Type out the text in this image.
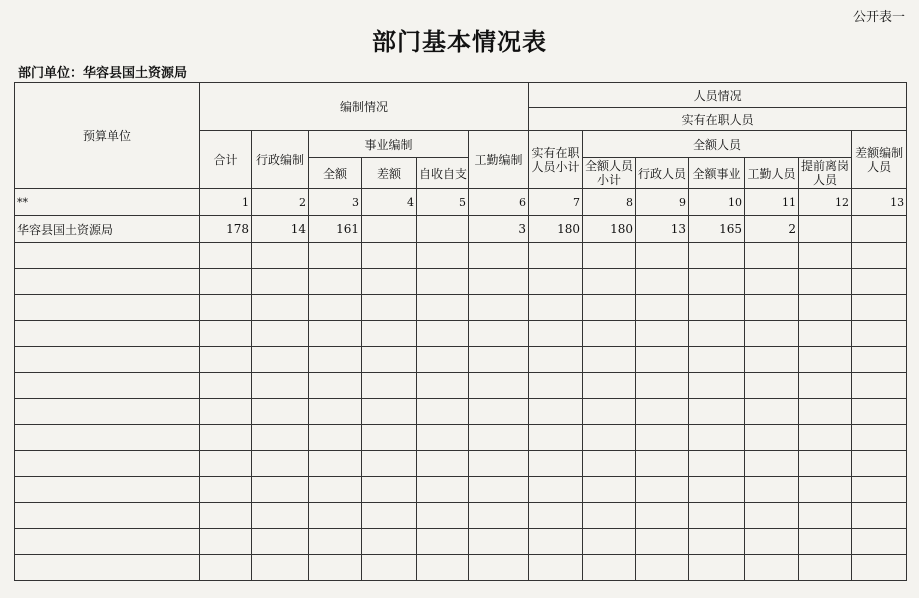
公开表一
部门基本情况表
部门单位：华容县国土资源局
预算单位	编制情况						人员情况						
							实有在职人员						
	合计	行政编制	事业编制			工勤编制	实有在职人员小计	全额人员					差额编制人员
			全额	差额	自收自支			全额人员小计	行政人员	全额事业	工勤人员	提前离岗人员	
**	1	2	3	4	5	6	7	8	9	10	11	12	13
华容县国土资源局	178	14	161			3	180	180	13	165	2		
